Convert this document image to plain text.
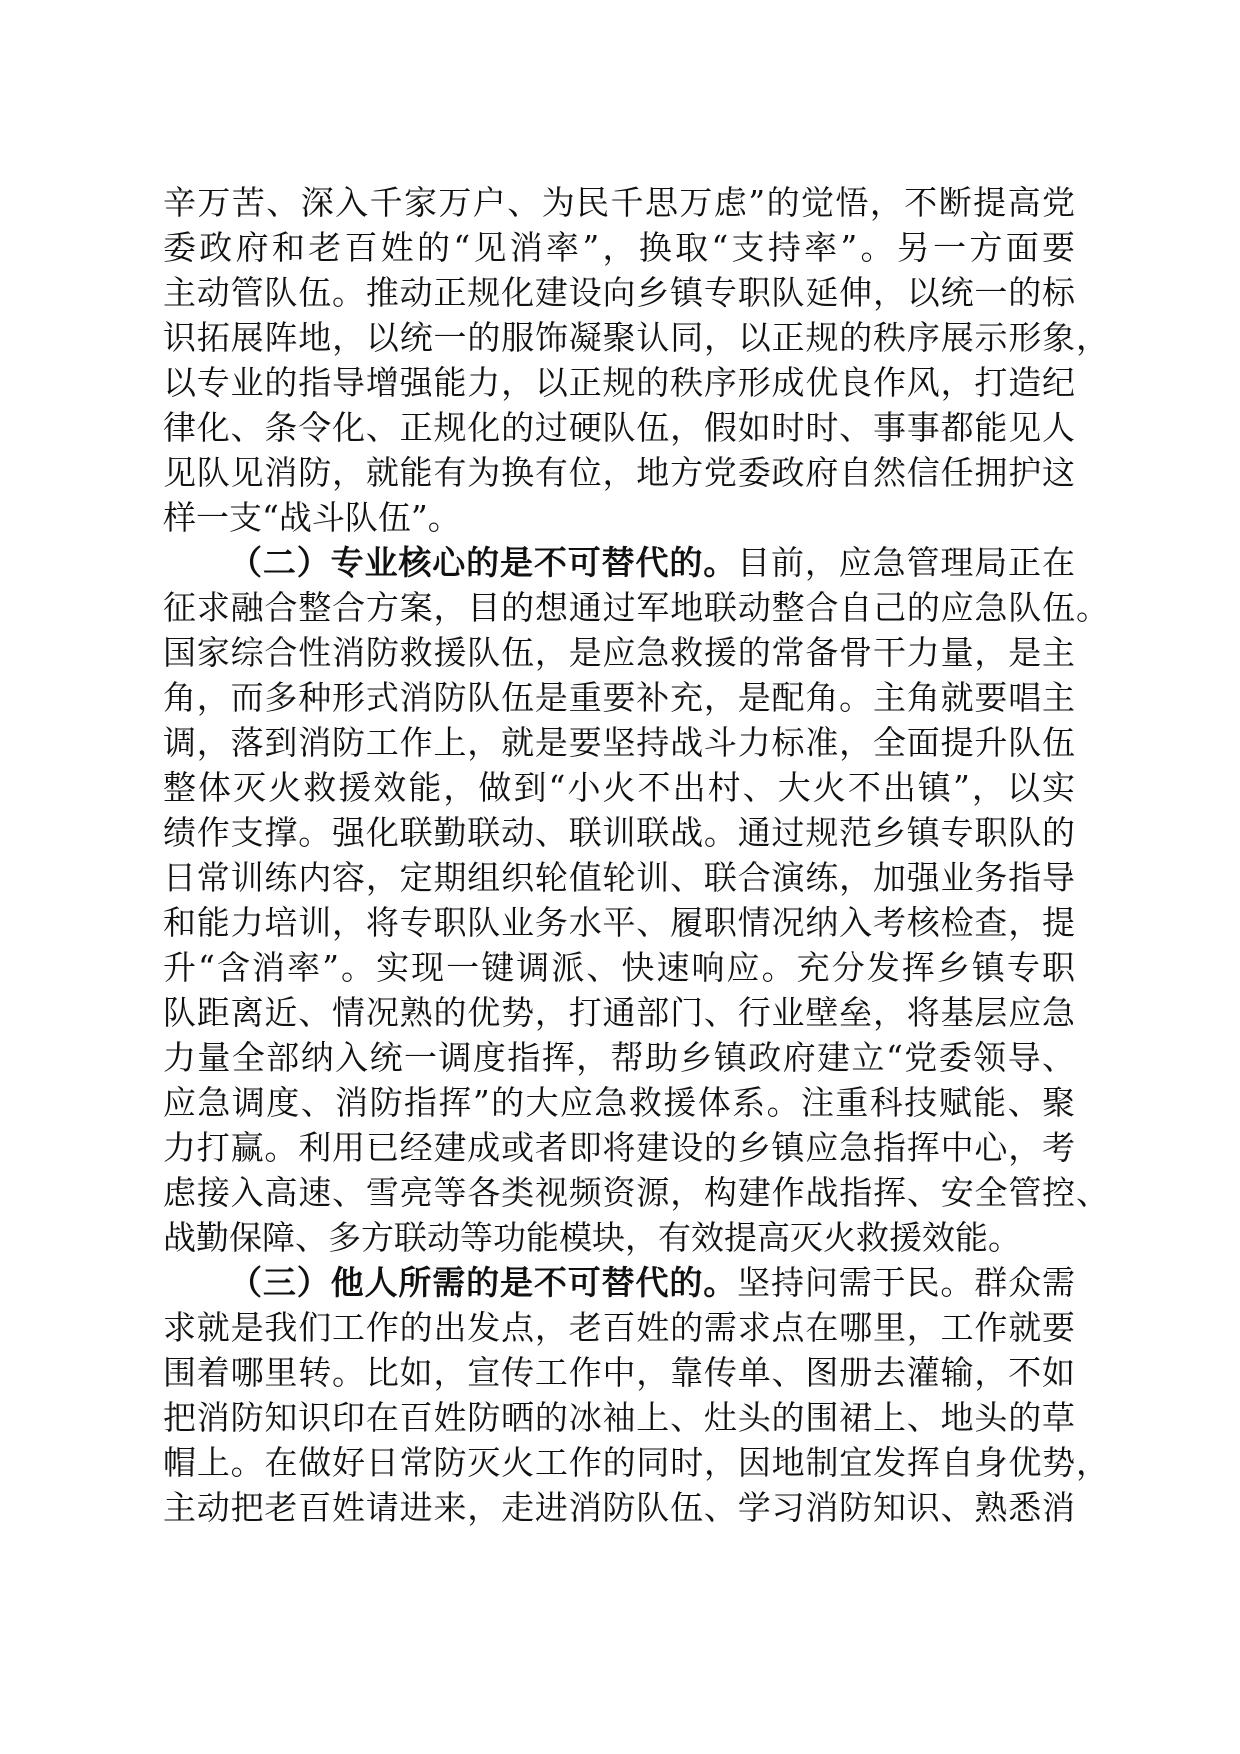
辛万苦、深入千家万户、为民千思万虑”的觉悟，不断提高党
委政府和老百姓的“见消率”，换取“支持率”。另一方面要
主动管队伍。推动正规化建设向乡镇专职队延伸，以统一的标
识拓展阵地，以统一的服饰凝聚认同，以正规的秩序展示形象，
以专业的指导增强能力，以正规的秩序形成优良作风，打造纪
律化、条令化、正规化的过硬队伍，假如时时、事事都能见人
见队见消防，就能有为换有位，地方党委政府自然信任拥护这
样一支“战斗队伍”。
（二）专业核心的是不可替代的。目前，应急管理局正在
征求融合整合方案，目的想通过军地联动整合自己的应急队伍。
国家综合性消防救援队伍，是应急救援的常备骨干力量，是主
角，而多种形式消防队伍是重要补充，是配角。主角就要唱主
调，落到消防工作上，就是要坚持战斗力标准，全面提升队伍
整体灭火救援效能，做到“小火不出村、大火不出镇”，以实
绩作支撑。强化联勤联动、联训联战。通过规范乡镇专职队的
日常训练内容，定期组织轮值轮训、联合演练，加强业务指导
和能力培训，将专职队业务水平、履职情况纳入考核检查，提
升“含消率”。实现一键调派、快速响应。充分发挥乡镇专职
队距离近、情况熟的优势，打通部门、行业壁垒，将基层应急
力量全部纳入统一调度指挥，帮助乡镇政府建立“党委领导、
应急调度、消防指挥”的大应急救援体系。注重科技赋能、聚
力打赢。利用已经建成或者即将建设的乡镇应急指挥中心，考
虑接入高速、雪亮等各类视频资源，构建作战指挥、安全管控、
战勤保障、多方联动等功能模块，有效提高灭火救援效能。
（三）他人所需的是不可替代的。坚持问需于民。群众需
求就是我们工作的出发点，老百姓的需求点在哪里，工作就要
围着哪里转。比如，宣传工作中，靠传单、图册去灌输，不如
把消防知识印在百姓防晒的冰袖上、灶头的围裙上、地头的草
帽上。在做好日常防灭火工作的同时，因地制宜发挥自身优势，
主动把老百姓请进来，走进消防队伍、学习消防知识、熟悉消
